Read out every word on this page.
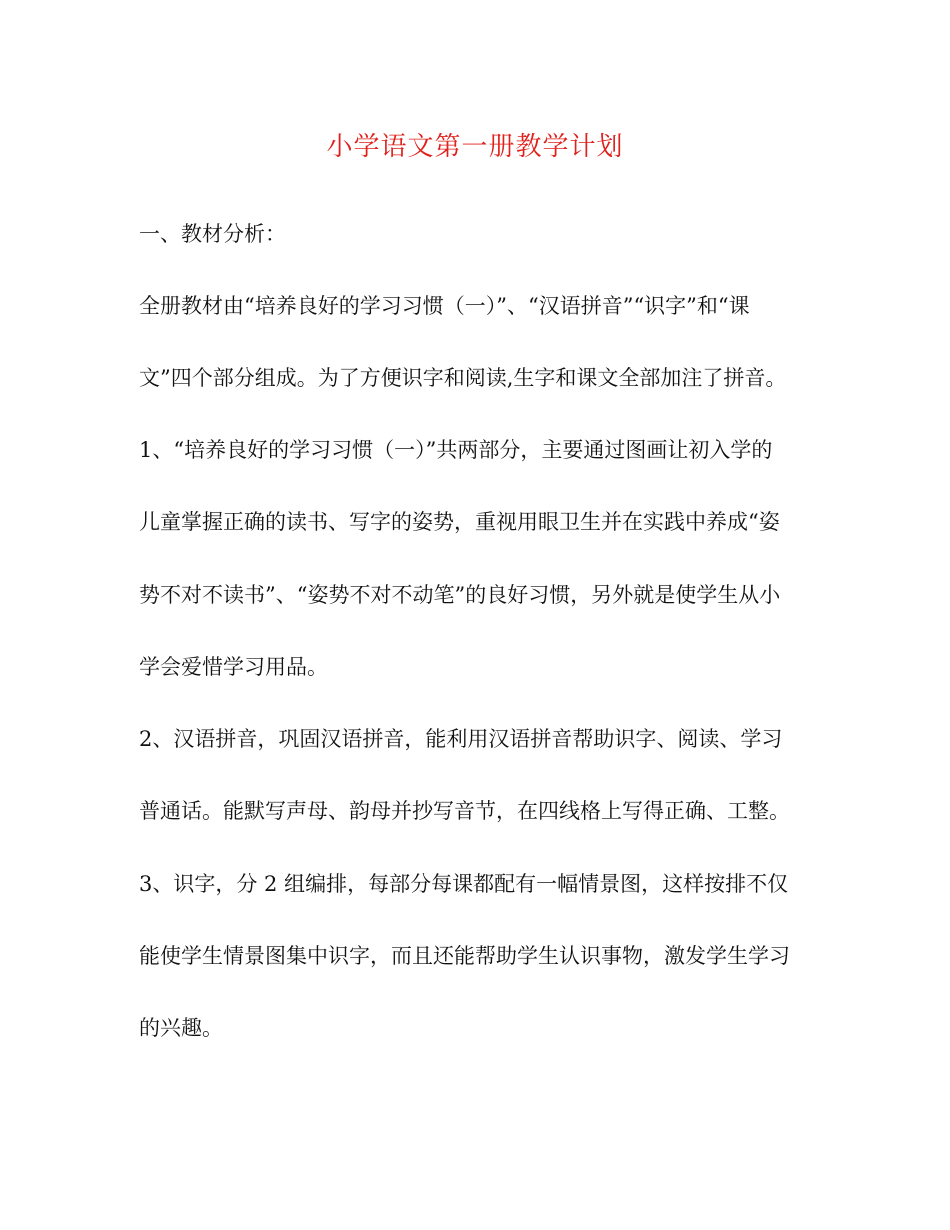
小学语文第一册教学计划

一、教材分析：

全册教材由“培养良好的学习习惯（一）”、“汉语拼音”“识字”和“课

文”四个部分组成。为了方便识字和阅读,生字和课文全部加注了拼音。

1、“培养良好的学习习惯（一）”共两部分，主要通过图画让初入学的

儿童掌握正确的读书、写字的姿势，重视用眼卫生并在实践中养成“姿

势不对不读书”、“姿势不对不动笔”的良好习惯，另外就是使学生从小

学会爱惜学习用品。

2、汉语拼音，巩固汉语拼音，能利用汉语拼音帮助识字、阅读、学习

普通话。能默写声母、韵母并抄写音节，在四线格上写得正确、工整。

3、识字，分 2 组编排，每部分每课都配有一幅情景图，这样按排不仅

能使学生情景图集中识字，而且还能帮助学生认识事物，激发学生学习

的兴趣。
